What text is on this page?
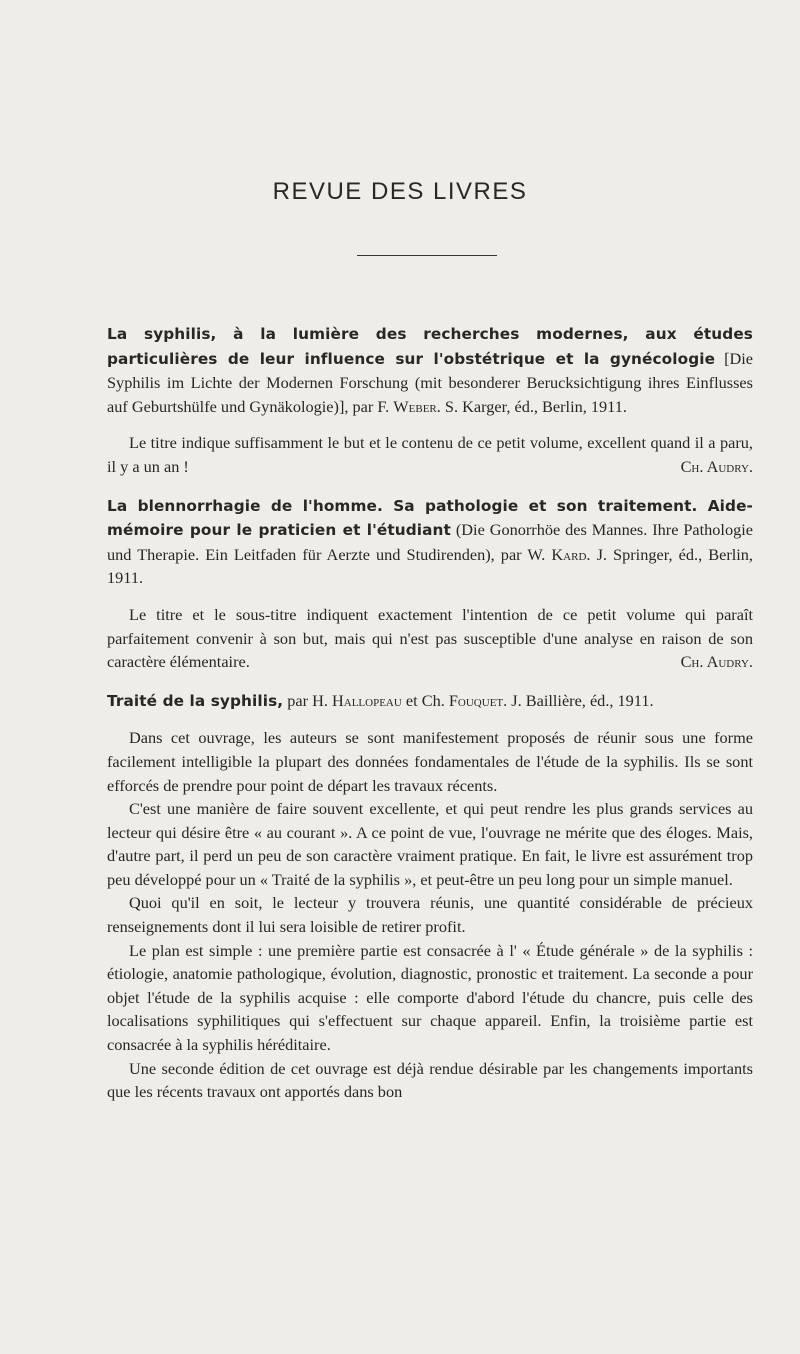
REVUE DES LIVRES

La syphilis, à la lumière des recherches modernes, aux études particulières de leur influence sur l'obstétrique et la gynécologie [Die Syphilis im Lichte der Modernen Forschung (mit besonderer Berucksichtigung ihres Einflusses auf Geburtshülfe und Gynäkologie)], par F. Weber. S. Karger, éd., Berlin, 1911.

Le titre indique suffisamment le but et le contenu de ce petit volume, excellent quand il a paru, il y a un an !	Ch. Audry.

La blennorrhagie de l'homme. Sa pathologie et son traitement. Aide-mémoire pour le praticien et l'étudiant (Die Gonorrhöe des Mannes. Ihre Pathologie und Therapie. Ein Leitfaden für Aerzte und Studirenden), par W. Kard. J. Springer, éd., Berlin, 1911.

Le titre et le sous-titre indiquent exactement l'intention de ce petit volume qui paraît parfaitement convenir à son but, mais qui n'est pas susceptible d'une analyse en raison de son caractère élémentaire.	Ch. Audry.

Traité de la syphilis, par H. Hallopeau et Ch. Fouquet. J. Baillière, éd., 1911.

Dans cet ouvrage, les auteurs se sont manifestement proposés de réunir sous une forme facilement intelligible la plupart des données fondamentales de l'étude de la syphilis. Ils se sont efforcés de prendre pour point de départ les travaux récents.

C'est une manière de faire souvent excellente, et qui peut rendre les plus grands services au lecteur qui désire être « au courant ». A ce point de vue, l'ouvrage ne mérite que des éloges. Mais, d'autre part, il perd un peu de son caractère vraiment pratique. En fait, le livre est assurément trop peu développé pour un « Traité de la syphilis », et peut-être un peu long pour un simple manuel.

Quoi qu'il en soit, le lecteur y trouvera réunis, une quantité considérable de précieux renseignements dont il lui sera loisible de retirer profit.

Le plan est simple : une première partie est consacrée à l' « Étude générale » de la syphilis : étiologie, anatomie pathologique, évolution, diagnostic, pronostic et traitement. La seconde a pour objet l'étude de la syphilis acquise : elle comporte d'abord l'étude du chancre, puis celle des localisations syphilitiques qui s'effectuent sur chaque appareil. Enfin, la troisième partie est consacrée à la syphilis héréditaire.

Une seconde édition de cet ouvrage est déjà rendue désirable par les changements importants que les récents travaux ont apportés dans bon
